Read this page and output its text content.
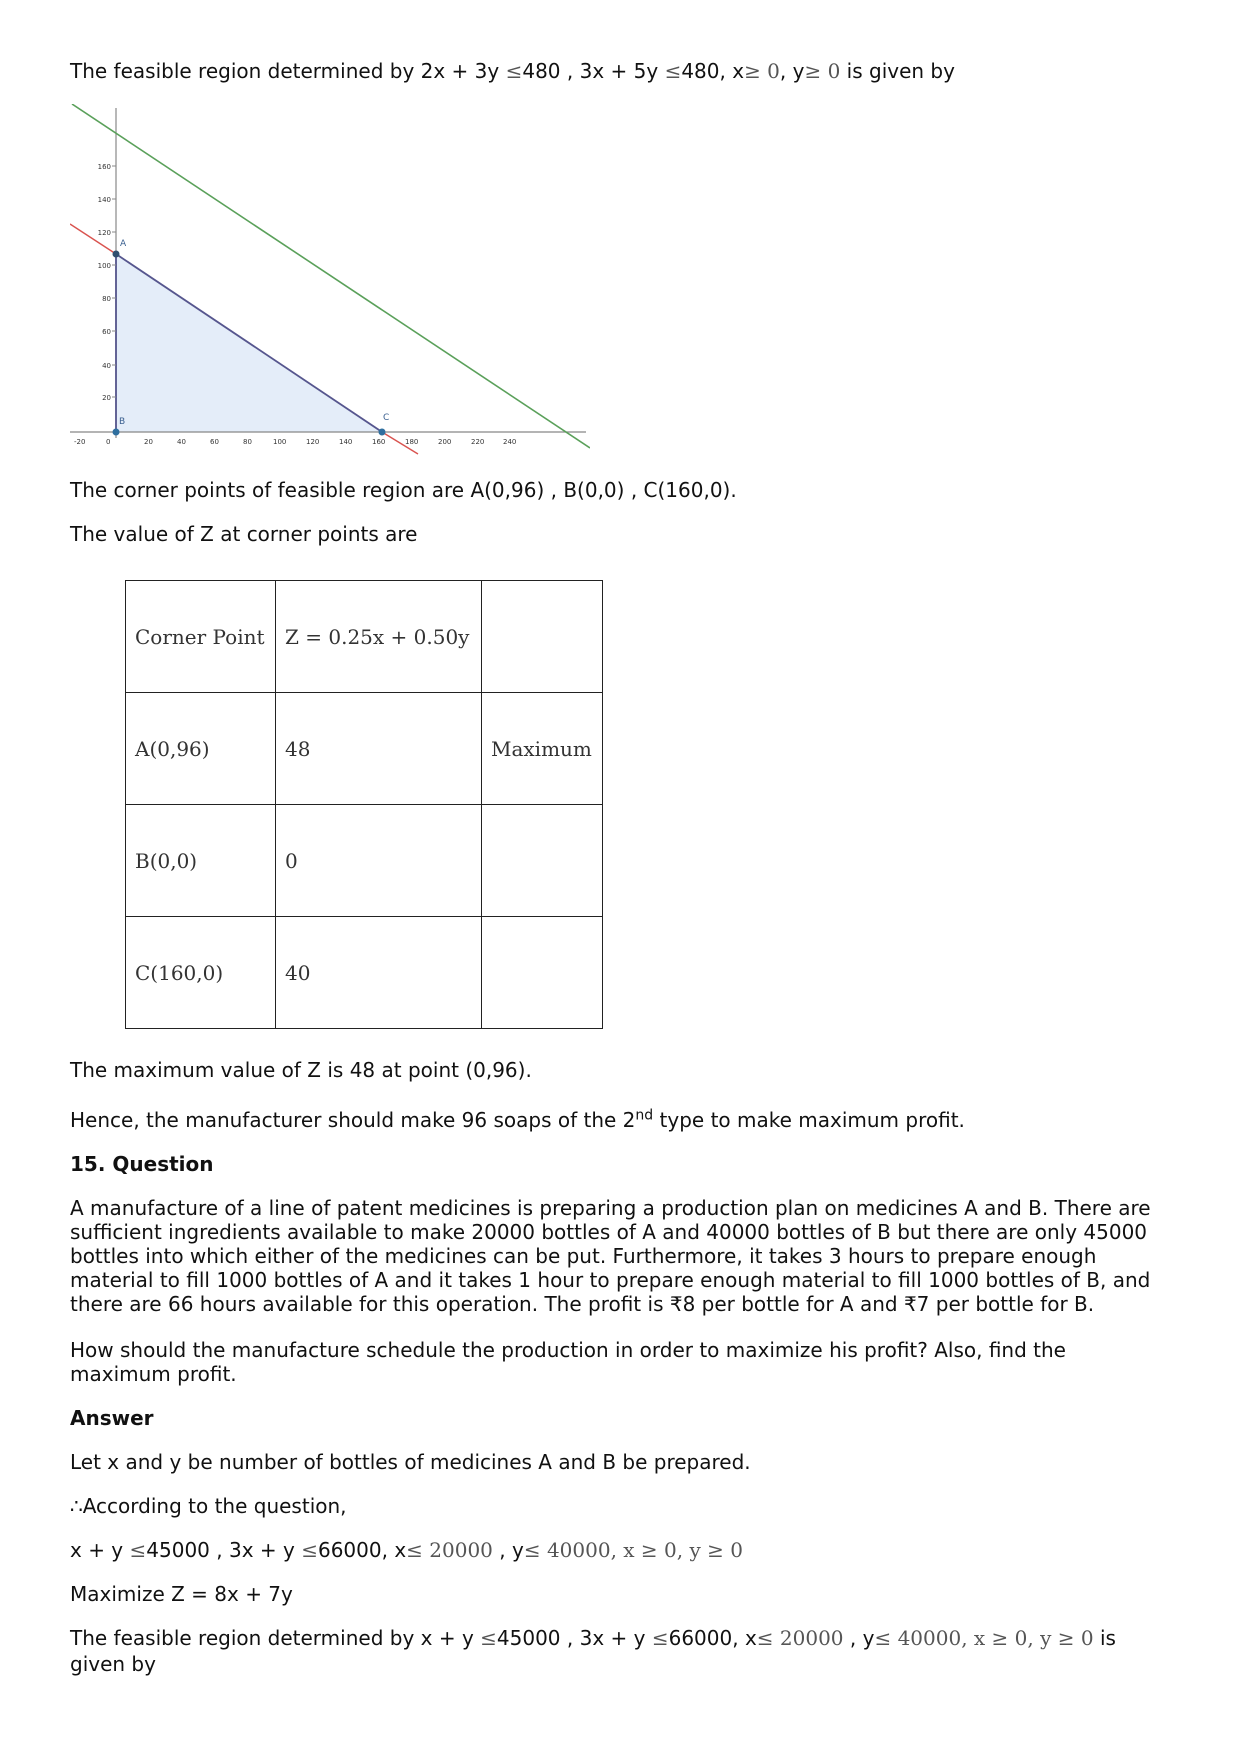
The feasible region determined by 2x + 3y ≤480 , 3x + 5y ≤480, x≥ 0, y≥ 0 is given by
A
B	C
-20	0	20	40	60	80	100	120	140	160	180	200	220	240
20
40
60
80
100
120
140
160
The corner points of feasible region are A(0,96) , B(0,0) , C(160,0).
The value of Z at corner points are
Corner Point	Z = 0.25x + 0.50y	
A(0,96)	48	Maximum
B(0,0)	0	
C(160,0)	40	
The maximum value of Z is 48 at point (0,96).
Hence, the manufacturer should make 96 soaps of the 2nd type to make maximum profit.
15. Question
A manufacture of a line of patent medicines is preparing a production plan on medicines A and B. There are sufficient ingredients available to make 20000 bottles of A and 40000 bottles of B but there are only 45000 bottles into which either of the medicines can be put. Furthermore, it takes 3 hours to prepare enough material to fill 1000 bottles of A and it takes 1 hour to prepare enough material to fill 1000 bottles of B, and there are 66 hours available for this operation. The profit is ₹8 per bottle for A and ₹7 per bottle for B.
How should the manufacture schedule the production in order to maximize his profit? Also, find the maximum profit.
Answer
Let x and y be number of bottles of medicines A and B be prepared.
∴According to the question,
x + y ≤45000 , 3x + y ≤66000, x≤ 20000 , y≤ 40000, x ≥ 0, y ≥ 0
Maximize Z = 8x + 7y
The feasible region determined by x + y ≤45000 , 3x + y ≤66000, x≤ 20000 , y≤ 40000, x ≥ 0, y ≥ 0 is
given by
